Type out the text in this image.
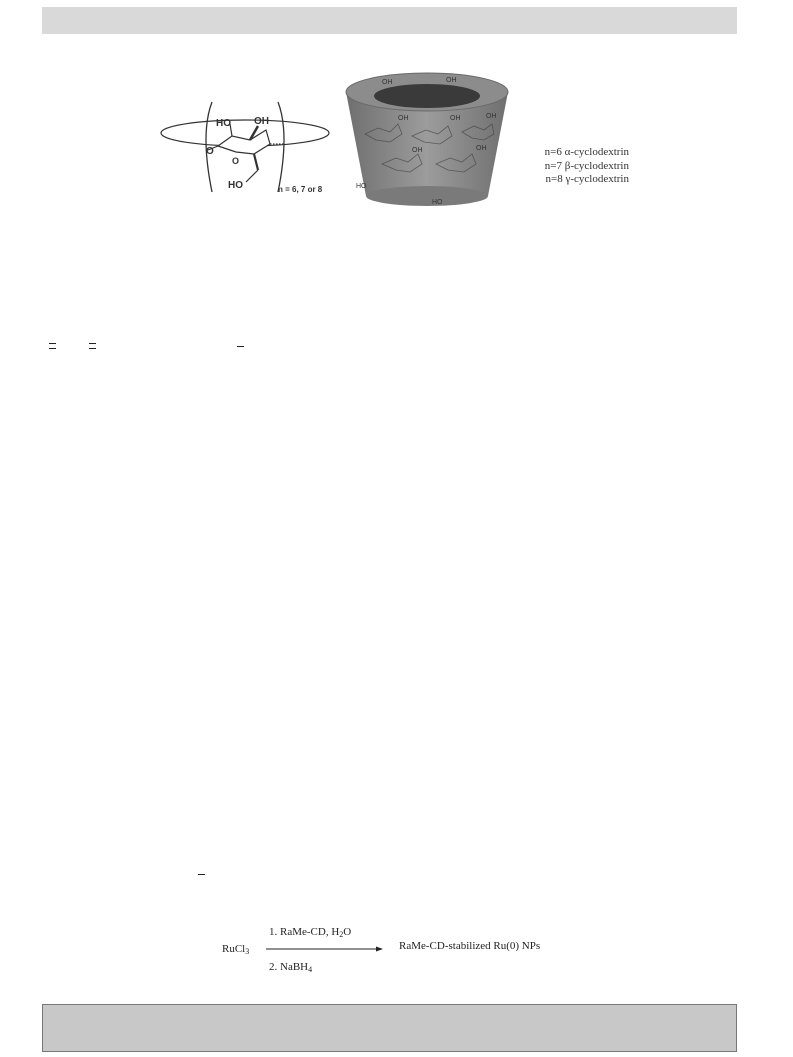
HO OH
O
O
HO	n = 6, 7 or 8
OH	OH
OH	OH
HO
HO
OH
OH
OH	n=6 α-cyclodextrin
n=7 β-cyclodextrin
n=8 γ-cyclodextrin
RuCl$_3$
1. RaMe-CD, $H_2O$
2. NaBH$_4$
RaMe-CD-stabilized Ru(0) NPs
